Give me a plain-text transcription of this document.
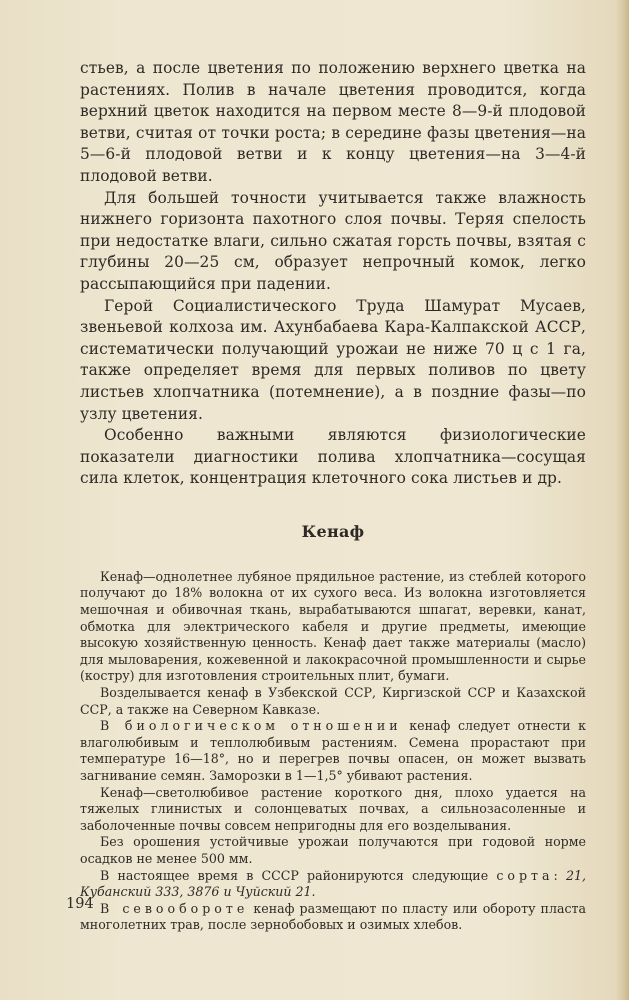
стьев, а после цветения по положению верхнего цветка на растениях. Полив в начале цветения проводится, когда верхний цветок находится на первом месте 8—9-й плодовой ветви, считая от точки роста; в середине фазы цветения—на 5—6-й плодовой ветви и к концу цветения—на 3—4-й плодовой ветви.

Для большей точности учитывается также влажность нижнего горизонта пахотного слоя почвы. Теряя спелость при недостатке влаги, сильно сжатая горсть почвы, взятая с глубины 20—25 см, образует непрочный комок, легко рассыпающийся при падении.

Герой Социалистического Труда Шамурат Мусаев, звеньевой колхоза им. Ахунбабаева Кара-Калпакской АССР, систематически получающий урожаи не ниже 70 ц с 1 га, также определяет время для первых поливов по цвету листьев хлопчатника (потемнение), а в поздние фазы—по узлу цветения.

Особенно важными являются физиологические показатели диагностики полива хлопчатника—сосущая сила клеток, концентрация клеточного сока листьев и др.

Кенаф

Кенаф—однолетнее лубяное прядильное растение, из стеблей которого получают до 18% волокна от их сухого веса. Из волокна изготовляется мешочная и обивочная ткань, вырабатываются шпагат, веревки, канат, обмотка для электрического кабеля и другие предметы, имеющие высокую хозяйственную ценность. Кенаф дает также материалы (масло) для мыловарения, кожевенной и лакокрасочной промышленности и сырье (кострy) для изготовления строительных плит, бумаги.

Возделывается кенаф в Узбекской ССР, Киргизской ССР и Казахской ССР, а также на Северном Кавказе.

В биологическом отношении кенаф следует отнести к влаголюбивым и теплолюбивым растениям. Семена прорастают при температуре 16—18°, но и перегрев почвы опасен, он может вызвать загнивание семян. Заморозки в 1—1,5° убивают растения.

Кенаф—светолюбивое растение короткого дня, плохо удается на тяжелых глинистых и солонцеватых почвах, а сильнозасоленные и заболоченные почвы совсем непригодны для его возделывания.

Без орошения устойчивые урожаи получаются при годовой норме осадков не менее 500 мм.

В настоящее время в СССР районируются следующие сорта: 21, Кубанский 333, 3876 и Чуйский 21.

В севообороте кенаф размещают по пласту или обороту пласта многолетних трав, после зернобобовых и озимых хлебов.

194
